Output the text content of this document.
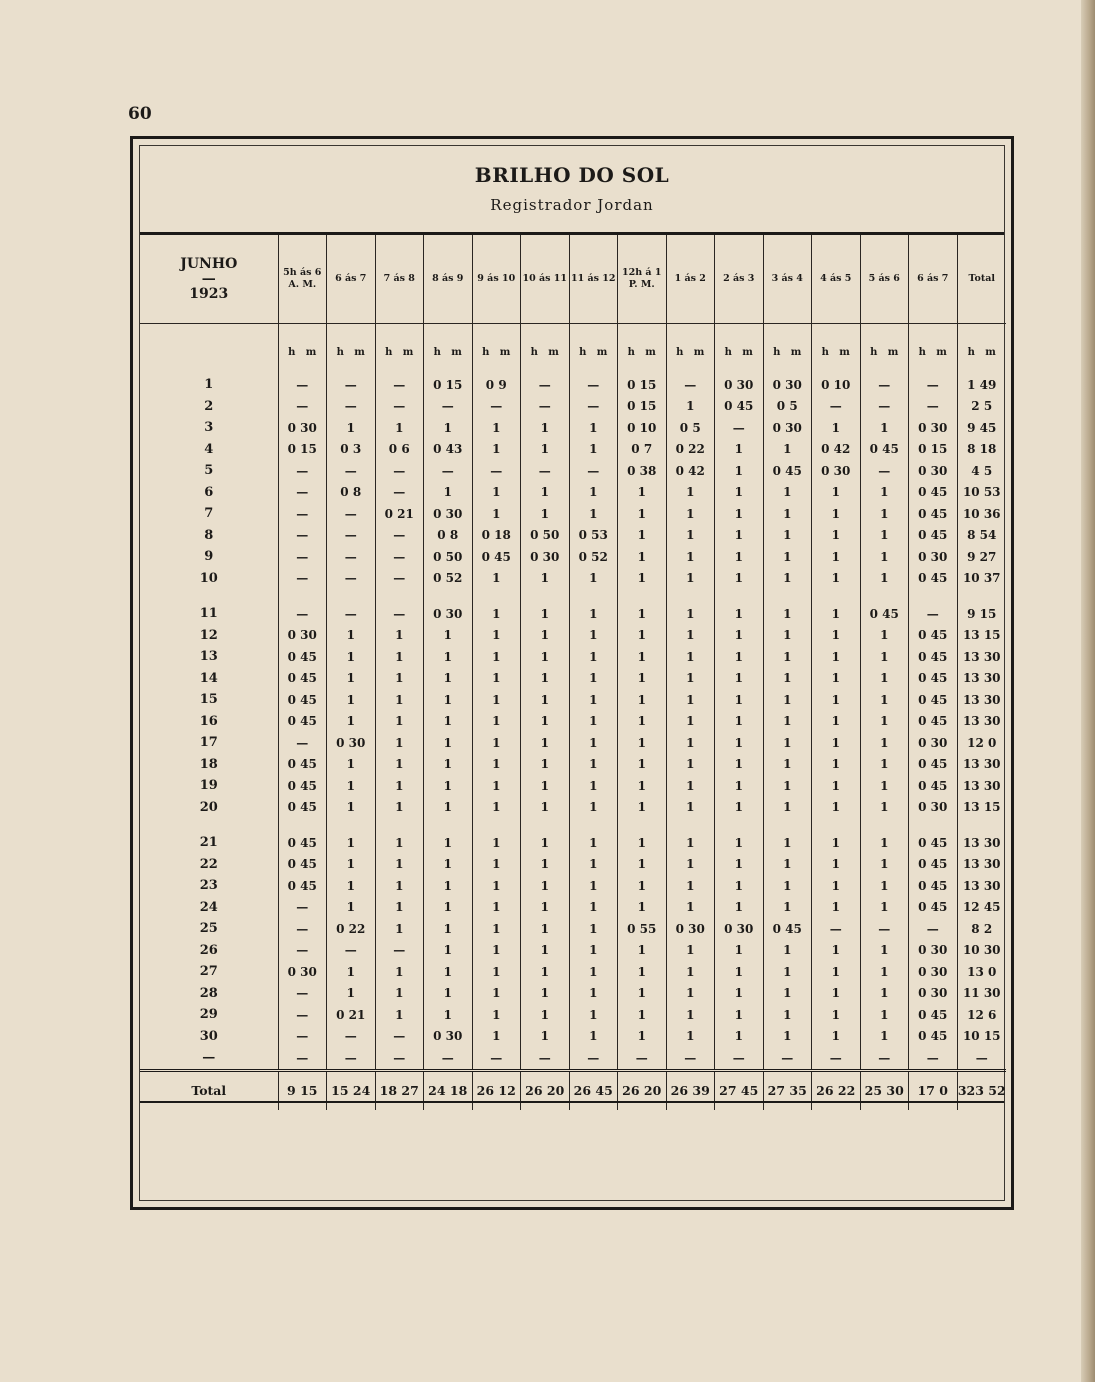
60
BRILHO DO SOL
Registrador Jordan
JUNHO
—
1923	5h ás 6 A. M.	6 ás 7	7 ás 8	8 ás 9	9 ás 10	10 ás 11	11 ás 12	12h á 1 P. M.	1 ás 2	2 ás 3	3 ás 4	4 ás 5	5 ás 6	6 ás 7	Total
	h   m	h   m	h   m	h   m	h   m	h   m	h   m	h   m	h   m	h   m	h   m	h   m	h   m	h   m	h   m
1	—	—	—	0 15	0 9	—	—	0 15	—	0 30	0 30	0 10	—	—	1 49
2	—	—	—	—	—	—	—	0 15	1	0 45	0 5	—	—	—	2 5
3	0 30	1	1	1	1	1	1	0 10	0 5	—	0 30	1	1	0 30	9 45
4	0 15	0 3	0 6	0 43	1	1	1	0 7	0 22	1	1	0 42	0 45	0 15	8 18
5	—	—	—	—	—	—	—	0 38	0 42	1	0 45	0 30	—	0 30	4 5
6	—	0 8	—	1	1	1	1	1	1	1	1	1	1	0 45	10 53
7	—	—	0 21	0 30	1	1	1	1	1	1	1	1	1	0 45	10 36
8	—	—	—	0 8	0 18	0 50	0 53	1	1	1	1	1	1	0 45	8 54
9	—	—	—	0 50	0 45	0 30	0 52	1	1	1	1	1	1	0 30	9 27
10	—	—	—	0 52	1	1	1	1	1	1	1	1	1	0 45	10 37

11	—	—	—	0 30	1	1	1	1	1	1	1	1	0 45	—	9 15
12	0 30	1	1	1	1	1	1	1	1	1	1	1	1	0 45	13 15
13	0 45	1	1	1	1	1	1	1	1	1	1	1	1	0 45	13 30
14	0 45	1	1	1	1	1	1	1	1	1	1	1	1	0 45	13 30
15	0 45	1	1	1	1	1	1	1	1	1	1	1	1	0 45	13 30
16	0 45	1	1	1	1	1	1	1	1	1	1	1	1	0 45	13 30
17	—	0 30	1	1	1	1	1	1	1	1	1	1	1	0 30	12 0
18	0 45	1	1	1	1	1	1	1	1	1	1	1	1	0 45	13 30
19	0 45	1	1	1	1	1	1	1	1	1	1	1	1	0 45	13 30
20	0 45	1	1	1	1	1	1	1	1	1	1	1	1	0 30	13 15

21	0 45	1	1	1	1	1	1	1	1	1	1	1	1	0 45	13 30
22	0 45	1	1	1	1	1	1	1	1	1	1	1	1	0 45	13 30
23	0 45	1	1	1	1	1	1	1	1	1	1	1	1	0 45	13 30
24	—	1	1	1	1	1	1	1	1	1	1	1	1	0 45	12 45
25	—	0 22	1	1	1	1	1	0 55	0 30	0 30	0 45	—	—	—	8 2
26	—	—	—	1	1	1	1	1	1	1	1	1	1	0 30	10 30
27	0 30	1	1	1	1	1	1	1	1	1	1	1	1	0 30	13 0
28	—	1	1	1	1	1	1	1	1	1	1	1	1	0 30	11 30
29	—	0 21	1	1	1	1	1	1	1	1	1	1	1	0 45	12 6
30	—	—	—	0 30	1	1	1	1	1	1	1	1	1	0 45	10 15
—	—	—	—	—	—	—	—	—	—	—	—	—	—	—	—
Total	9 15	15 24	18 27	24 18	26 12	26 20	26 45	26 20	26 39	27 45	27 35	26 22	25 30	17 0	323 52
